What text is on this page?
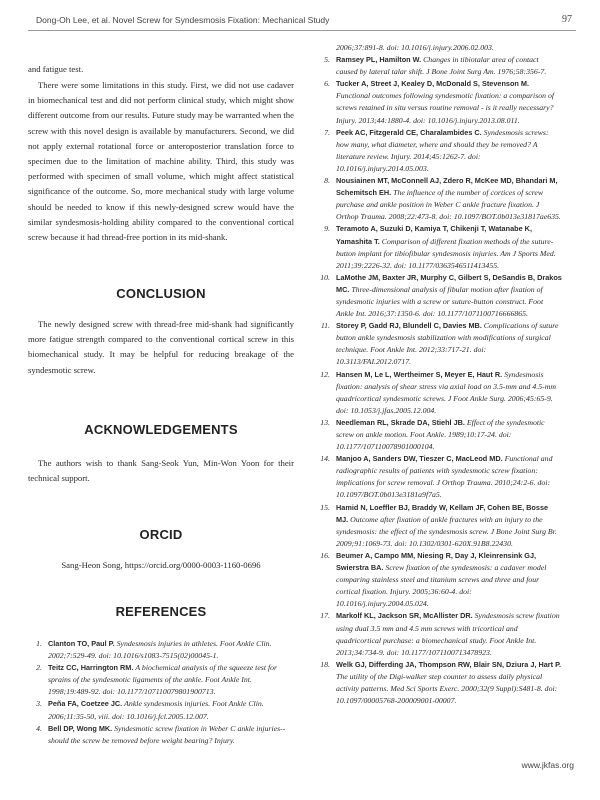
Dong-Oh Lee, et al. Novel Screw for Syndesmosis Fixation: Mechanical Study	97

and fatigue test.

There were some limitations in this study. First, we did not use cadaver in biomechanical test and did not perform clinical study, which might show different outcome from our results. Future study may be warranted when the screw with this novel design is available by manufacturers. Second, we did not apply external rotational force or anteroposterior translation force to specimen due to the limitation of machine ability. Third, this study was performed with specimen of small volume, which might affect statistical significance of the outcome. So, more mechanical study with large volume should be needed to know if this newly-designed screw would have the similar syndesmosis-holding ability compared to the conventional cortical screw because it had thread-free portion in its mid-shank.

CONCLUSION

The newly designed screw with thread-free mid-shank had significantly more fatigue strength compared to the conventional cortical screw in this biomechanical study. It may be helpful for reducing breakage of the syndesmotic screw.

ACKNOWLEDGEMENTS

The authors wish to thank Sang-Seok Yun, Min-Won Yoon for their technical support.

ORCID

Sang-Heon Song, https://orcid.org/0000-0003-1160-0696

REFERENCES
1. Clanton TO, Paul P. Syndesmosis injuries in athletes. Foot Ankle Clin. 2002;7:529-49. doi: 10.1016/s1083-7515(02)00045-1.
2. Teitz CC, Harrington RM. A biochemical analysis of the squeeze test for sprains of the syndesmotic ligaments of the ankle. Foot Ankle Int. 1998;19:489-92. doi: 10.1177/107110079801900713.
3. Peña FA, Coetzee JC. Ankle syndesmosis injuries. Foot Ankle Clin. 2006;11:35-50, viii. doi: 10.1016/j.fcl.2005.12.007.
4. Bell DP, Wong MK. Syndesmotic screw fixation in Weber C ankle injuries--should the screw be removed before weight bearing? Injury.
2006;37:891-8. doi: 10.1016/j.injury.2006.02.003.
5. Ramsey PL, Hamilton W. Changes in tibiotalar area of contact caused by lateral talar shift. J Bone Joint Surg Am. 1976;58:356-7.
6. Tucker A, Street J, Kealey D, McDonald S, Stevenson M. Functional outcomes following syndesmotic fixation: a comparison of screws retained in situ versus routine removal - is it really necessary? Injury. 2013;44:1880-4. doi: 10.1016/j.injury.2013.08.011.
7. Peek AC, Fitzgerald CE, Charalambides C. Syndesmosis screws: how many, what diameter, where and should they be removed? A literature review. Injury. 2014;45:1262-7. doi: 10.1016/j.injury.2014.05.003.
8. Nousiainen MT, McConnell AJ, Zdero R, McKee MD, Bhandari M, Schemitsch EH. The influence of the number of cortices of screw purchase and ankle position in Weber C ankle fracture fixation. J Orthop Trauma. 2008;22:473-8. doi: 10.1097/BOT.0b013e31817ae635.
9. Teramoto A, Suzuki D, Kamiya T, Chikenji T, Watanabe K, Yamashita T. Comparison of different fixation methods of the suture-button implant for tibiofibular syndesmosis injuries. Am J Sports Med. 2011;39:2226-32. doi: 10.1177/0363546511413455.
10. LaMothe JM, Baxter JR, Murphy C, Gilbert S, DeSandis B, Drakos MC. Three-dimensional analysis of fibular motion after fixation of syndesmotic injuries with a screw or suture-button construct. Foot Ankle Int. 2016;37:1350-6. doi: 10.1177/1071100716666865.
11. Storey P, Gadd RJ, Blundell C, Davies MB. Complications of suture button ankle syndesmosis stabilization with modifications of surgical technique. Foot Ankle Int. 2012;33:717-21. doi: 10.3113/FAI.2012.0717.
12. Hansen M, Le L, Wertheimer S, Meyer E, Haut R. Syndesmosis fixation: analysis of shear stress via axial load on 3.5-mm and 4.5-mm quadricortical syndesmotic screws. J Foot Ankle Surg. 2006;45:65-9. doi: 10.1053/j.jfas.2005.12.004.
13. Needleman RL, Skrade DA, Stiehl JB. Effect of the syndesmotic screw on ankle motion. Foot Ankle. 1989;10:17-24. doi: 10.1177/107110078901000104.
14. Manjoo A, Sanders DW, Tieszer C, MacLeod MD. Functional and radiographic results of patients with syndesmotic screw fixation: implications for screw removal. J Orthop Trauma. 2010;24:2-6. doi: 10.1097/BOT.0b013e3181a9f7a5.
15. Hamid N, Loeffler BJ, Braddy W, Kellam JF, Cohen BE, Bosse MJ. Outcome after fixation of ankle fractures with an injury to the syndesmosis: the effect of the syndesmosis screw. J Bone Joint Surg Br. 2009;91:1069-73. doi: 10.1302/0301-620X.91B8.22430.
16. Beumer A, Campo MM, Niesing R, Day J, Kleinrensink GJ, Swierstra BA. Screw fixation of the syndesmosis: a cadaver model comparing stainless steel and titanium screws and three and four cortical fixation. Injury. 2005;36:60-4. doi: 10.1016/j.injury.2004.05.024.
17. Markolf KL, Jackson SR, McAllister DR. Syndesmosis screw fixation using dual 3.5 mm and 4.5 mm screws with tricortical and quadricortical purchase: a biomechanical study. Foot Ankle Int. 2013;34:734-9. doi: 10.1177/1071100713478923.
18. Welk GJ, Differding JA, Thompson RW, Blair SN, Dziura J, Hart P. The utility of the Digi-walker step counter to assess daily physical activity patterns. Med Sci Sports Exerc. 2000;32(9 Suppl):S481-8. doi: 10.1097/00005768-200009001-00007.
www.jkfas.org
